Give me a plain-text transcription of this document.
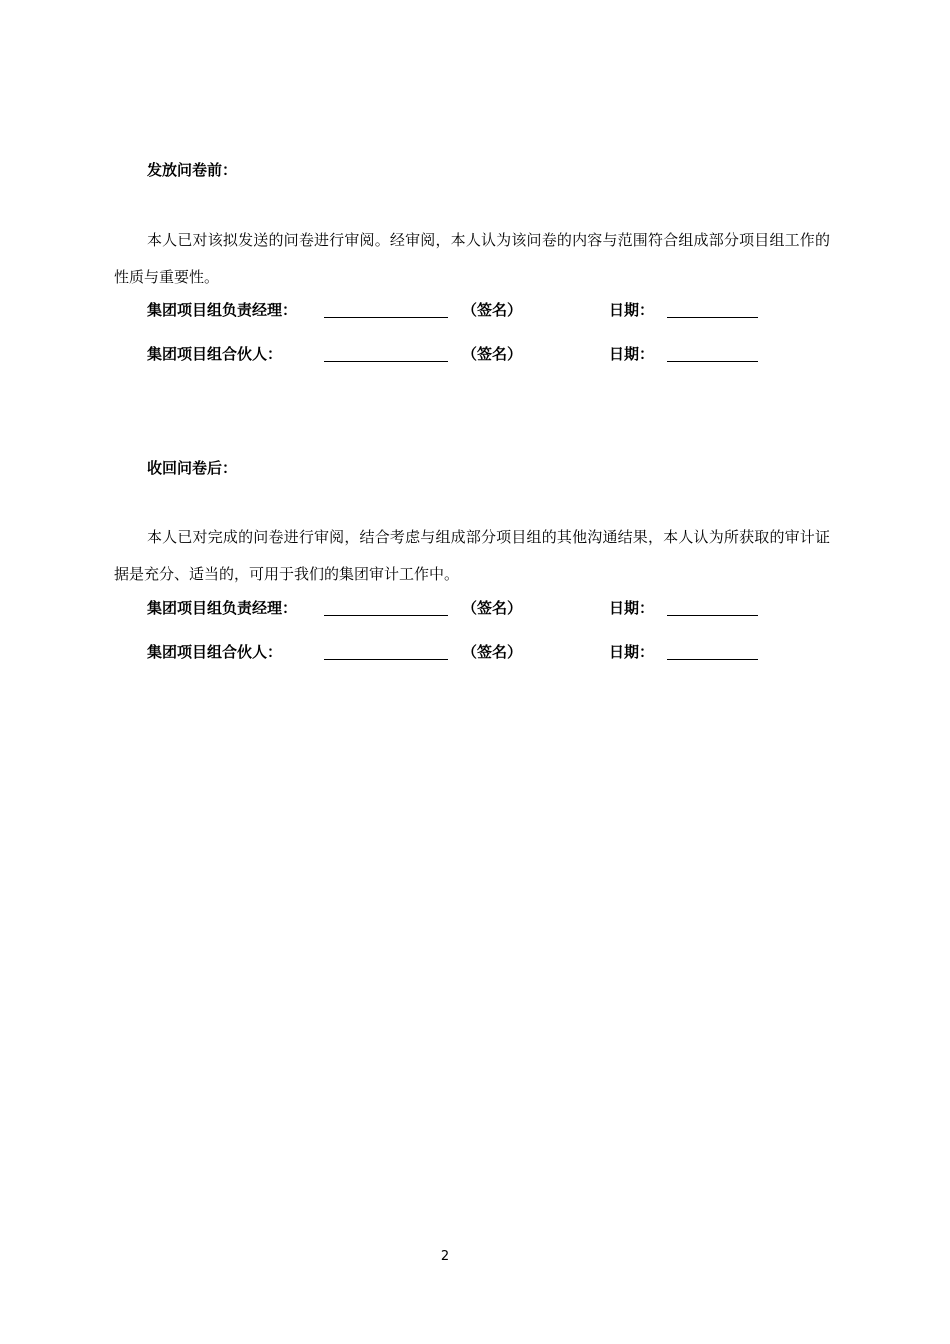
发放问卷前：
本人已对该拟发送的问卷进行审阅。经审阅，本人认为该问卷的内容与范围符合组成部分项目组工作的性质与重要性。
集团项目组负责经理：	（签名）	日期：
集团项目组合伙人：	（签名）	日期：
收回问卷后：
本人已对完成的问卷进行审阅，结合考虑与组成部分项目组的其他沟通结果，本人认为所获取的审计证据是充分、适当的，可用于我们的集团审计工作中。
集团项目组负责经理：	（签名）	日期：
集团项目组合伙人：	（签名）	日期：
2
